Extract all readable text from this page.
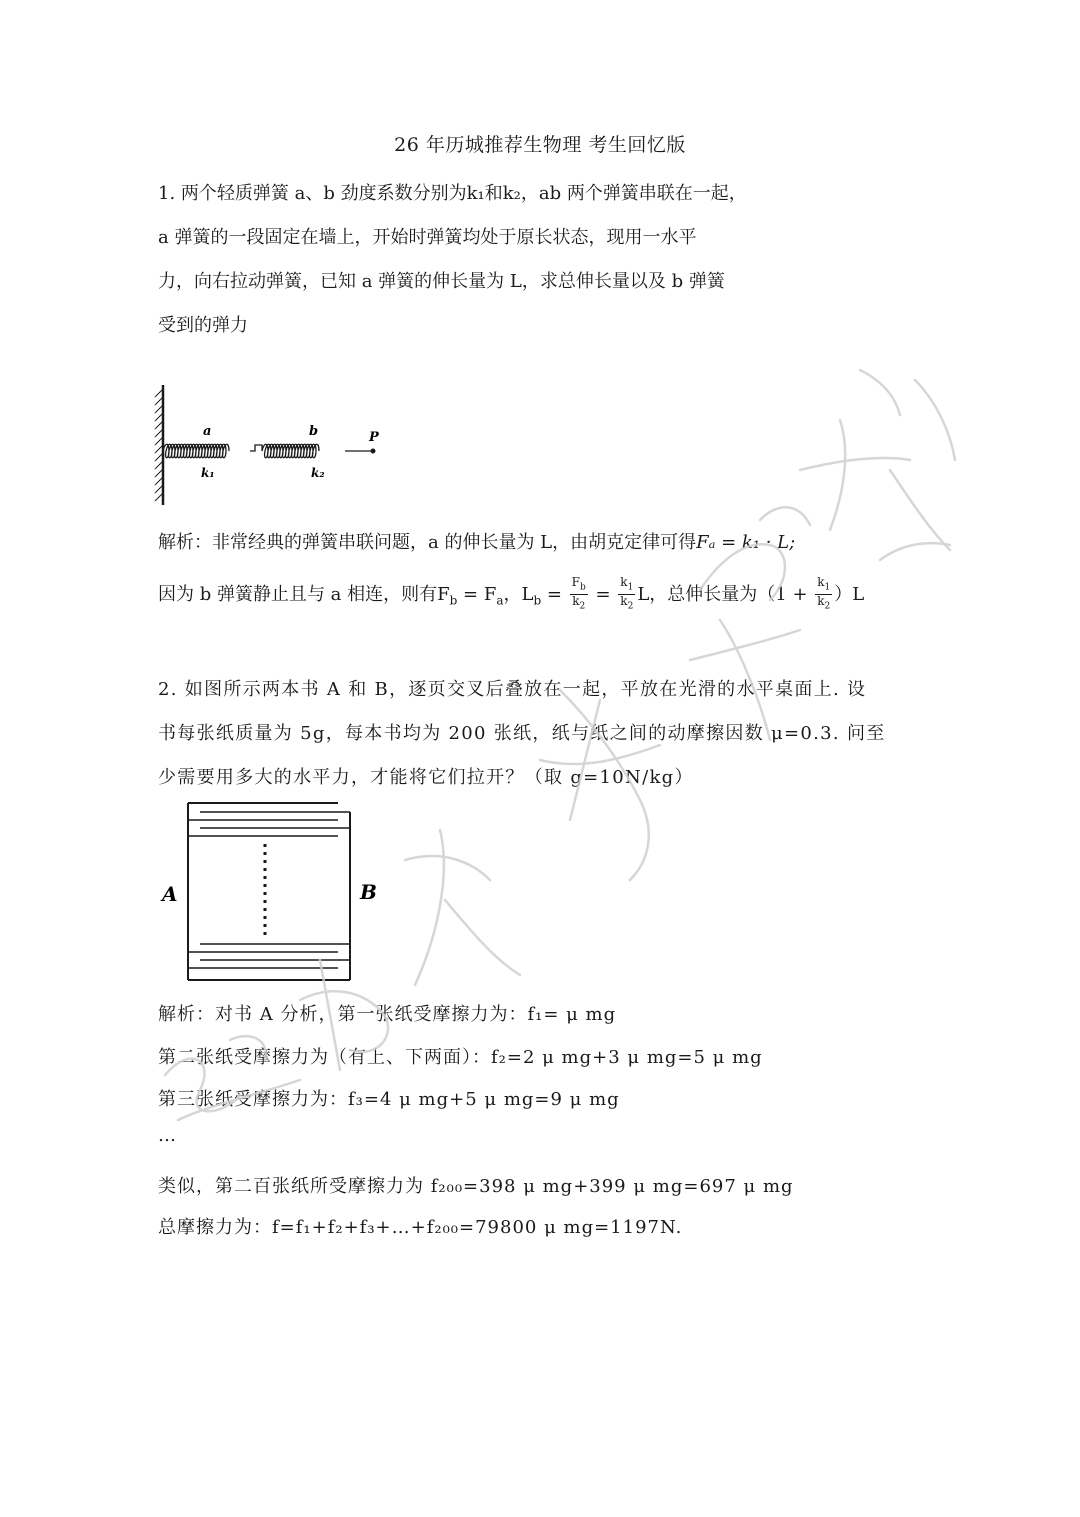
26 年历城推荐生物理 考生回忆版
1. 两个轻质弹簧 a、b 劲度系数分别为k₁和k₂，ab 两个弹簧串联在一起，
a 弹簧的一段固定在墙上，开始时弹簧均处于原长状态，现用一水平
力，向右拉动弹簧，已知 a 弹簧的伸长量为 L，求总伸长量以及 b 弹簧
受到的弹力
a	b	P
k₁	k₂
解析：非常经典的弹簧串联问题，a 的伸长量为 L，由胡克定律可得Fₐ = k₁ · L;
因为 b 弹簧静止且与 a 相连，则有$F_b = F_a$，$L_b = \frac{F_b}{k_2} = \frac{k_1}{k_2}$ L，总伸长量为$(1 + \frac{k_1}{k_2} )L$
2. 如图所示两本书 A 和 B，逐页交叉后叠放在一起，平放在光滑的水平桌面上. 设
书每张纸质量为 5g，每本书均为 200 张纸，纸与纸之间的动摩擦因数 μ=0.3. 问至
少需要用多大的水平力，才能将它们拉开？（取 g=10N/kg）
A	B
解析：对书 A 分析，第一张纸受摩擦力为：f₁= μ mg
第二张纸受摩擦力为（有上、下两面）：f₂=2 μ mg+3 μ mg=5 μ mg
第三张纸受摩擦力为：f₃=4 μ mg+5 μ mg=9 μ mg
…
类似，第二百张纸所受摩擦力为 f₂₀₀=398 μ mg+399 μ mg=697 μ mg
总摩擦力为：f=f₁+f₂+f₃+…+f₂₀₀=79800 μ mg=1197N.
